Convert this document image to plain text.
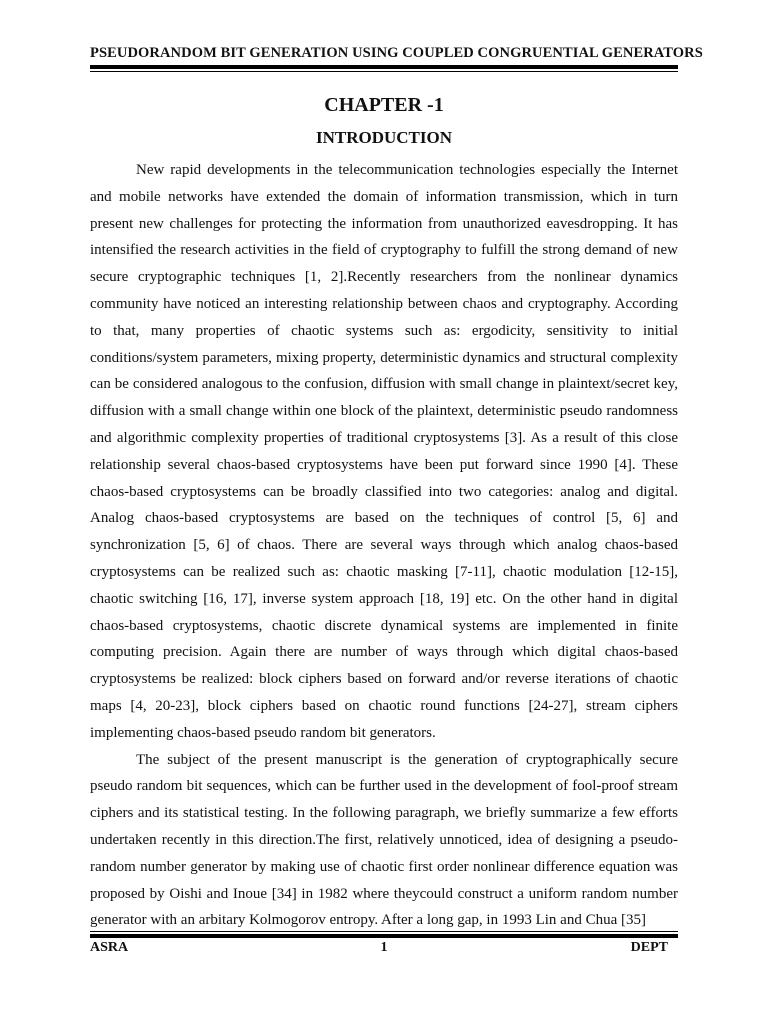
PSEUDORANDOM BIT GENERATION USING COUPLED CONGRUENTIAL GENERATORS
CHAPTER -1
INTRODUCTION

New rapid developments in the telecommunication technologies especially the Internet and mobile networks have extended the domain of information transmission, which in turn present new challenges for protecting the information from unauthorized eavesdropping. It has intensified the research activities in the field of cryptography to fulfill the strong demand of new secure cryptographic techniques [1, 2].Recently researchers from the nonlinear dynamics community have noticed an interesting relationship between chaos and cryptography. According to that, many properties of chaotic systems such as: ergodicity, sensitivity to initial conditions/system parameters, mixing property, deterministic dynamics and structural complexity can be considered analogous to the confusion, diffusion with small change in plaintext/secret key, diffusion with a small change within one block of the plaintext, deterministic pseudo randomness and algorithmic complexity properties of traditional cryptosystems [3]. As a result of this close relationship several chaos-based cryptosystems have been put forward since 1990 [4]. These chaos-based cryptosystems can be broadly classified into two categories: analog and digital. Analog chaos-based cryptosystems are based on the techniques of control [5, 6] and synchronization [5, 6] of chaos. There are several ways through which analog chaos-based cryptosystems can be realized such as: chaotic masking [7-11], chaotic modulation [12-15], chaotic switching [16, 17], inverse system approach [18, 19] etc. On the other hand in digital chaos-based cryptosystems, chaotic discrete dynamical systems are implemented in finite computing precision. Again there are number of ways through which digital chaos-based cryptosystems be realized: block ciphers based on forward and/or reverse iterations of chaotic maps [4, 20-23], block ciphers based on chaotic round functions [24-27], stream ciphers implementing chaos-based pseudo random bit generators.

The subject of the present manuscript is the generation of cryptographically secure pseudo random bit sequences, which can be further used in the development of fool-proof stream ciphers and its statistical testing. In the following paragraph, we briefly summarize a few efforts undertaken recently in this direction.The first, relatively unnoticed, idea of designing a pseudo-random number generator by making use of chaotic first order nonlinear difference equation was proposed by Oishi and Inoue [34] in 1982 where theycould construct a uniform random number generator with an arbitary Kolmogorov entropy. After a long gap, in 1993 Lin and Chua [35]

ASRA	1	DEPT
